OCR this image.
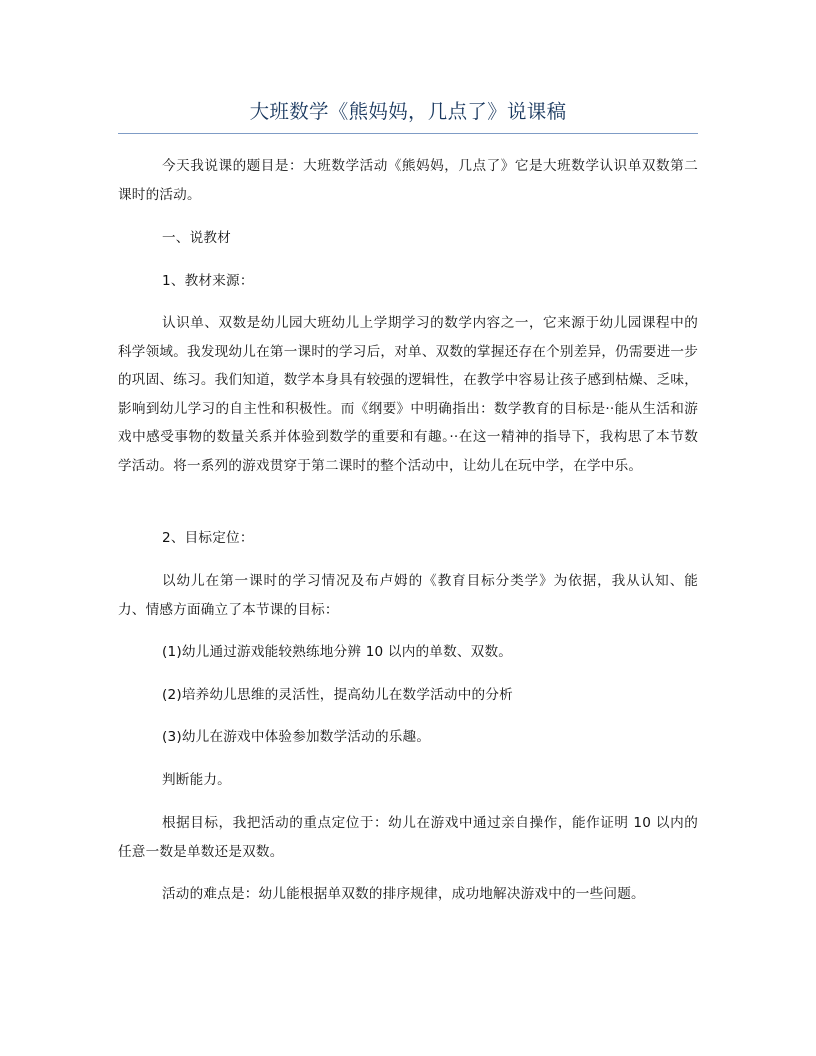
大班数学《熊妈妈，几点了》说课稿

今天我说课的题目是：大班数学活动《熊妈妈，几点了》它是大班数学认识单双数第二课时的活动。

一、说教材

1、教材来源：

认识单、双数是幼儿园大班幼儿上学期学习的数学内容之一，它来源于幼儿园课程中的科学领域。我发现幼儿在第一课时的学习后，对单、双数的掌握还存在个别差异，仍需要进一步的巩固、练习。我们知道，数学本身具有较强的逻辑性，在教学中容易让孩子感到枯燥、乏味，影响到幼儿学习的自主性和积极性。而《纲要》中明确指出：数学教育的目标是··能从生活和游戏中感受事物的数量关系并体验到数学的重要和有趣。··在这一精神的指导下，我构思了本节数学活动。将一系列的游戏贯穿于第二课时的整个活动中，让幼儿在玩中学，在学中乐。

2、目标定位：

以幼儿在第一课时的学习情况及布卢姆的《教育目标分类学》为依据，我从认知、能力、情感方面确立了本节课的目标：

(1)幼儿通过游戏能较熟练地分辨 10 以内的单数、双数。

(2)培养幼儿思维的灵活性，提高幼儿在数学活动中的分析

(3)幼儿在游戏中体验参加数学活动的乐趣。

判断能力。

根据目标，我把活动的重点定位于：幼儿在游戏中通过亲自操作，能作证明 10 以内的任意一数是单数还是双数。

活动的难点是：幼儿能根据单双数的排序规律，成功地解决游戏中的一些问题。
